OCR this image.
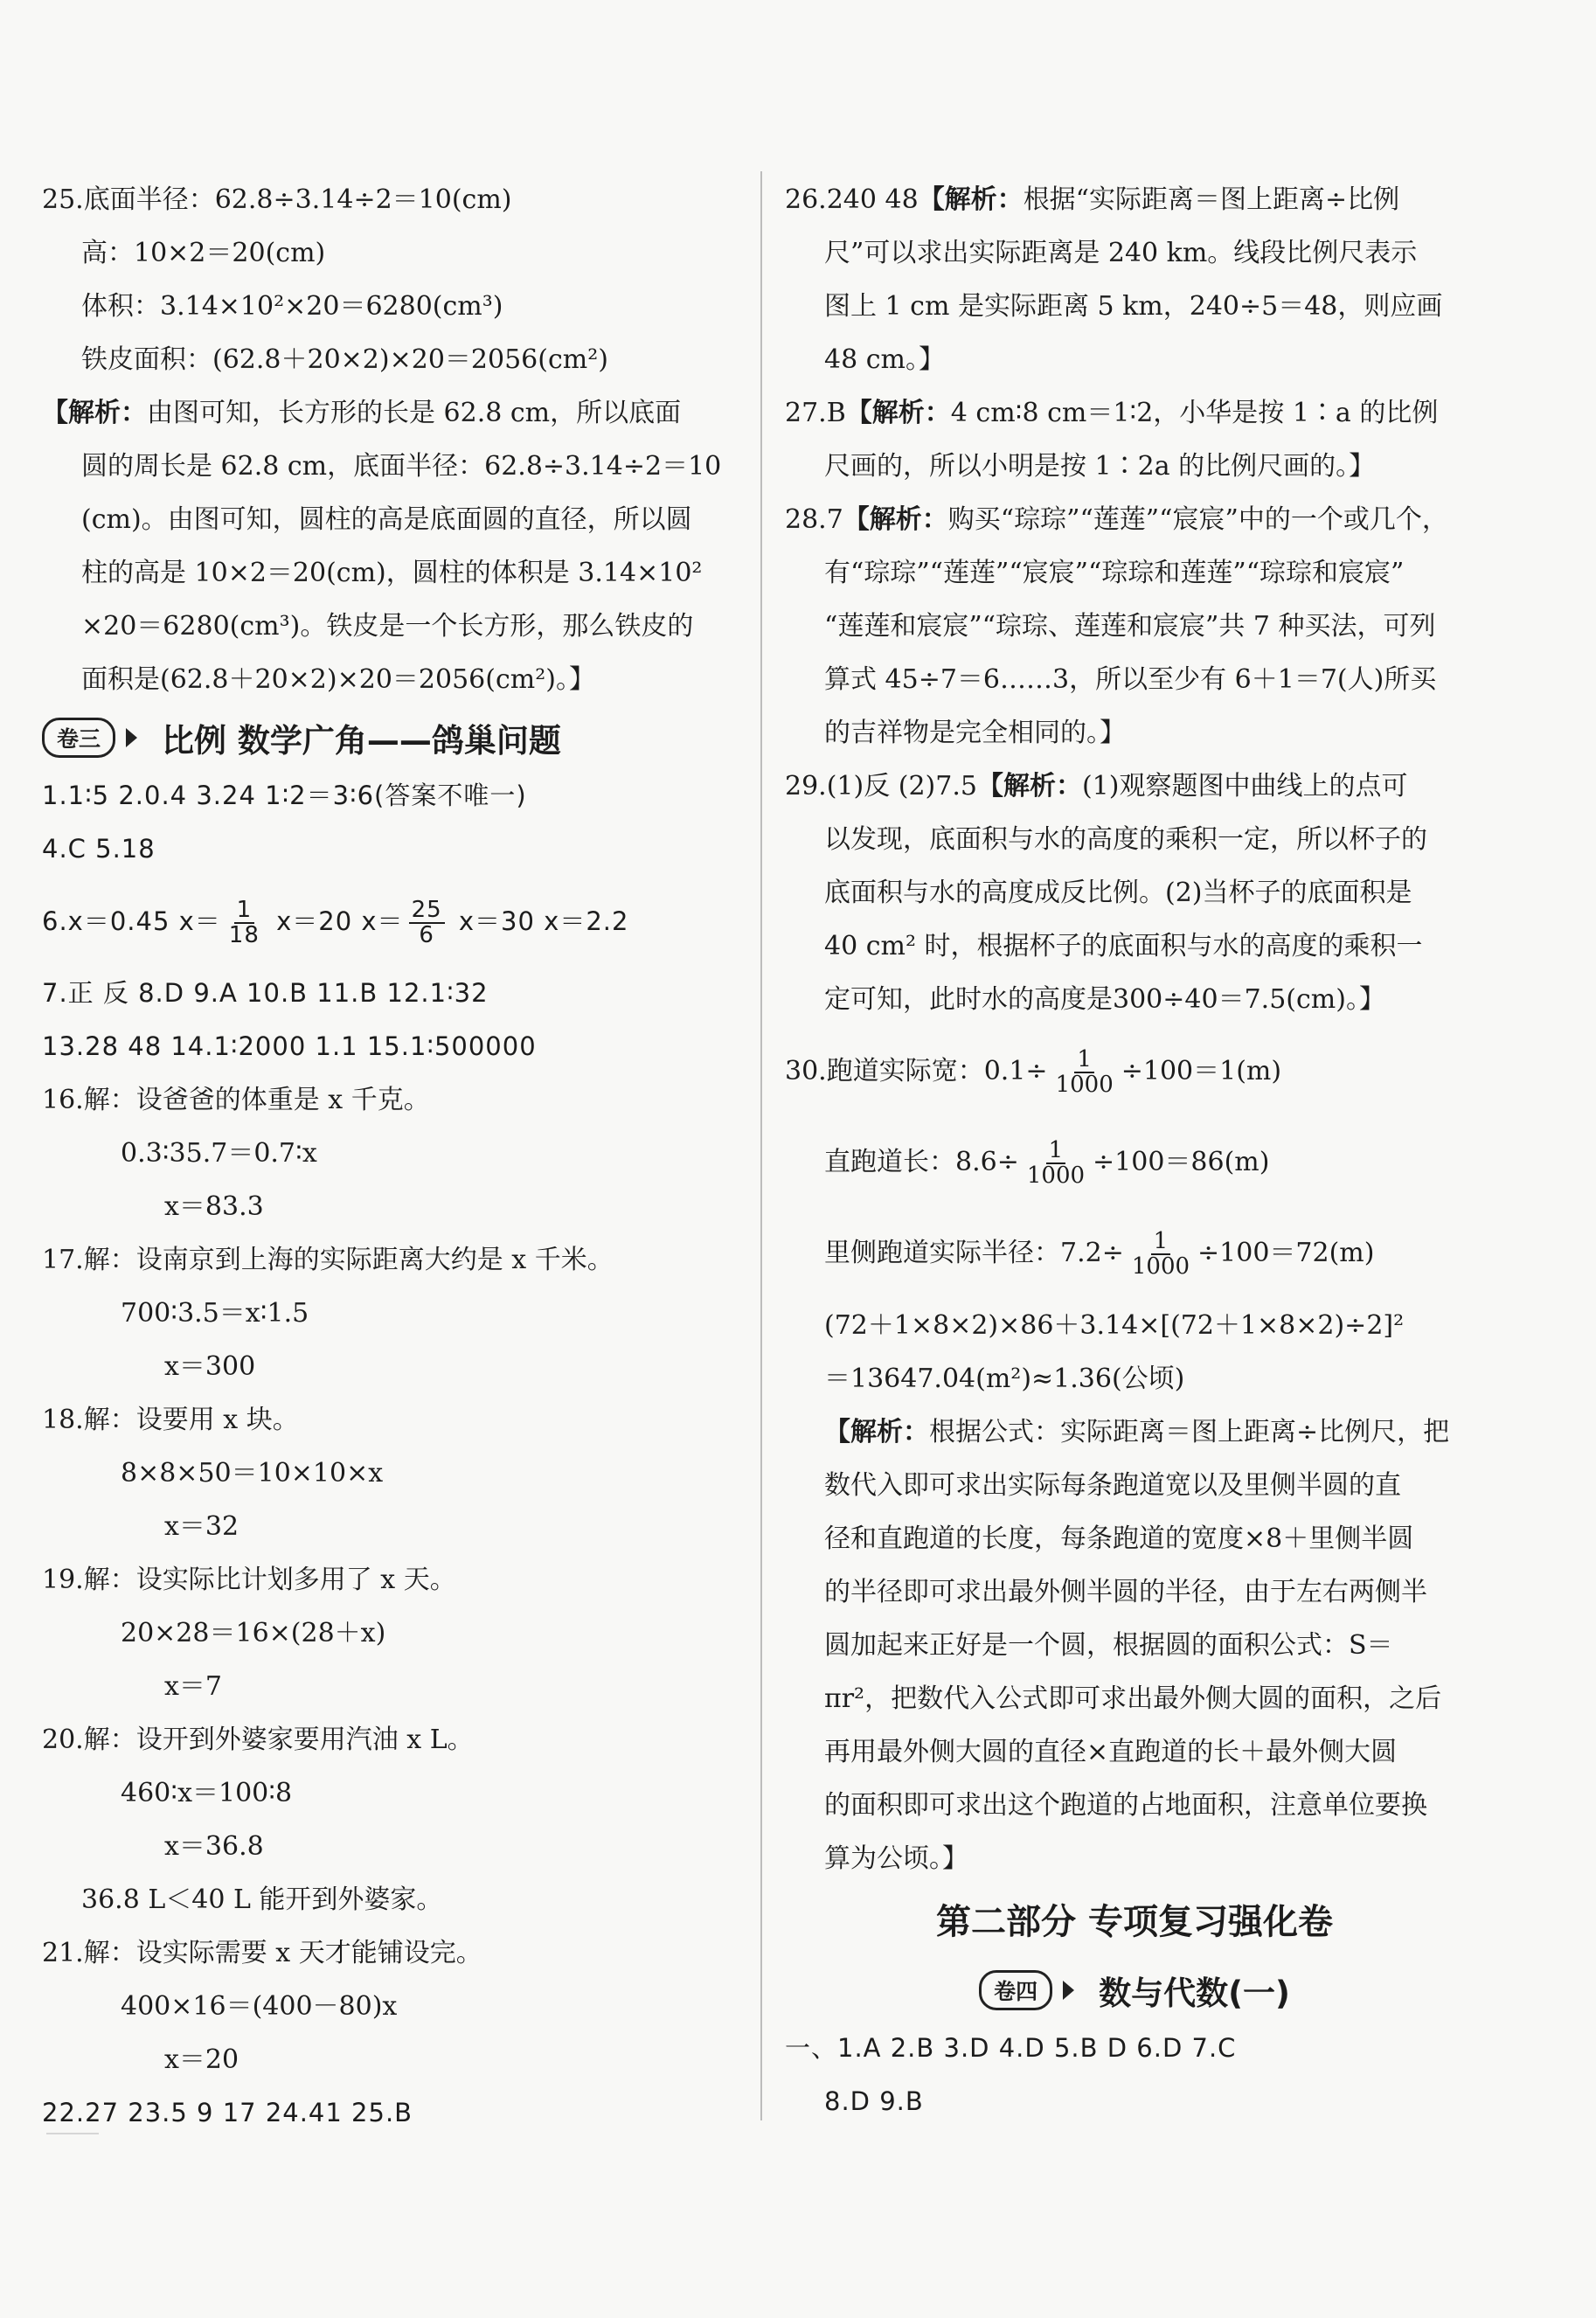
25.底面半径：62.8÷3.14÷2＝10(cm)
高：10×2＝20(cm)
体积：3.14×10²×20＝6280(cm³)
铁皮面积：(62.8＋20×2)×20＝2056(cm²)
【解析：由图可知，长方形的长是 62.8 cm，所以底面
圆的周长是 62.8 cm，底面半径：62.8÷3.14÷2＝10
(cm)。由图可知，圆柱的高是底面圆的直径，所以圆
柱的高是 10×2＝20(cm)，圆柱的体积是 3.14×10²
×20＝6280(cm³)。铁皮是一个长方形，那么铁皮的
面积是(62.8＋20×2)×20＝2056(cm²)。】
卷三	比例 数学广角——鸽巢问题
1.1∶5 2.0.4 3.24 1∶2＝3∶6(答案不唯一)
4.C 5.18
6.x＝0.45 $x= \frac{1}{18} x=20$ $x= \frac{25}{6} x=30$ x＝2.2
7.正 反 8.D 9.A 10.B 11.B 12.1∶32
13.28 48 14.1∶2000 1.1 15.1∶500000
16.解：设爸爸的体重是 x 千克。
0.3∶35.7＝0.7∶x
x＝83.3
17.解：设南京到上海的实际距离大约是 x 千米。
700∶3.5＝x∶1.5
x＝300
18.解：设要用 x 块。
8×8×50＝10×10×x
x＝32
19.解：设实际比计划多用了 x 天。
20×28＝16×(28＋x)
x＝7
20.解：设开到外婆家要用汽油 x L。
460∶x＝100∶8
x＝36.8
36.8 L＜40 L 能开到外婆家。
21.解：设实际需要 x 天才能铺设完。
400×16＝(400－80)x
x＝20
22.27 23.5 9 17 24.41 25.B
26.240 48【解析：根据“实际距离＝图上距离÷比例
尺”可以求出实际距离是 240 km。线段比例尺表示
图上 1 cm 是实际距离 5 km，240÷5＝48，则应画
48 cm。】
27.B【解析：4 cm∶8 cm＝1∶2，小华是按 1∶a 的比例
尺画的，所以小明是按 1∶2a 的比例尺画的。】
28.7【解析：购买“琮琮”“莲莲”“宸宸”中的一个或几个，
有“琮琮”“莲莲”“宸宸”“琮琮和莲莲”“琮琮和宸宸”
“莲莲和宸宸”“琮琮、莲莲和宸宸”共 7 种买法，可列
算式 45÷7＝6……3，所以至少有 6＋1＝7(人)所买
的吉祥物是完全相同的。】
29.(1)反 (2)7.5【解析：(1)观察题图中曲线上的点可
以发现，底面积与水的高度的乘积一定，所以杯子的
底面积与水的高度成反比例。(2)当杯子的底面积是
40 cm² 时，根据杯子的底面积与水的高度的乘积一
定可知，此时水的高度是300÷40＝7.5(cm)。】
30.跑道实际宽：$0.1\div \frac{1}{1000} \div 100=1(m)$
直跑道长：$8.6\div \frac{1}{1000} \div 100=86(m)$
里侧跑道实际半径：$7.2\div \frac{1}{1000} \div 100=72(m)$
(72＋1×8×2)×86＋3.14×[(72＋1×8×2)÷2]²
＝13647.04(m²)≈1.36(公顷)
【解析：根据公式：实际距离＝图上距离÷比例尺，把
数代入即可求出实际每条跑道宽以及里侧半圆的直
径和直跑道的长度，每条跑道的宽度×8＋里侧半圆
的半径即可求出最外侧半圆的半径，由于左右两侧半
圆加起来正好是一个圆，根据圆的面积公式：S＝
πr²，把数代入公式即可求出最外侧大圆的面积，之后
再用最外侧大圆的直径×直跑道的长＋最外侧大圆
的面积即可求出这个跑道的占地面积，注意单位要换
算为公顷。】
第二部分 专项复习强化卷
卷四	数与代数(一)
一、1.A 2.B 3.D 4.D 5.B D 6.D 7.C
8.D 9.B
